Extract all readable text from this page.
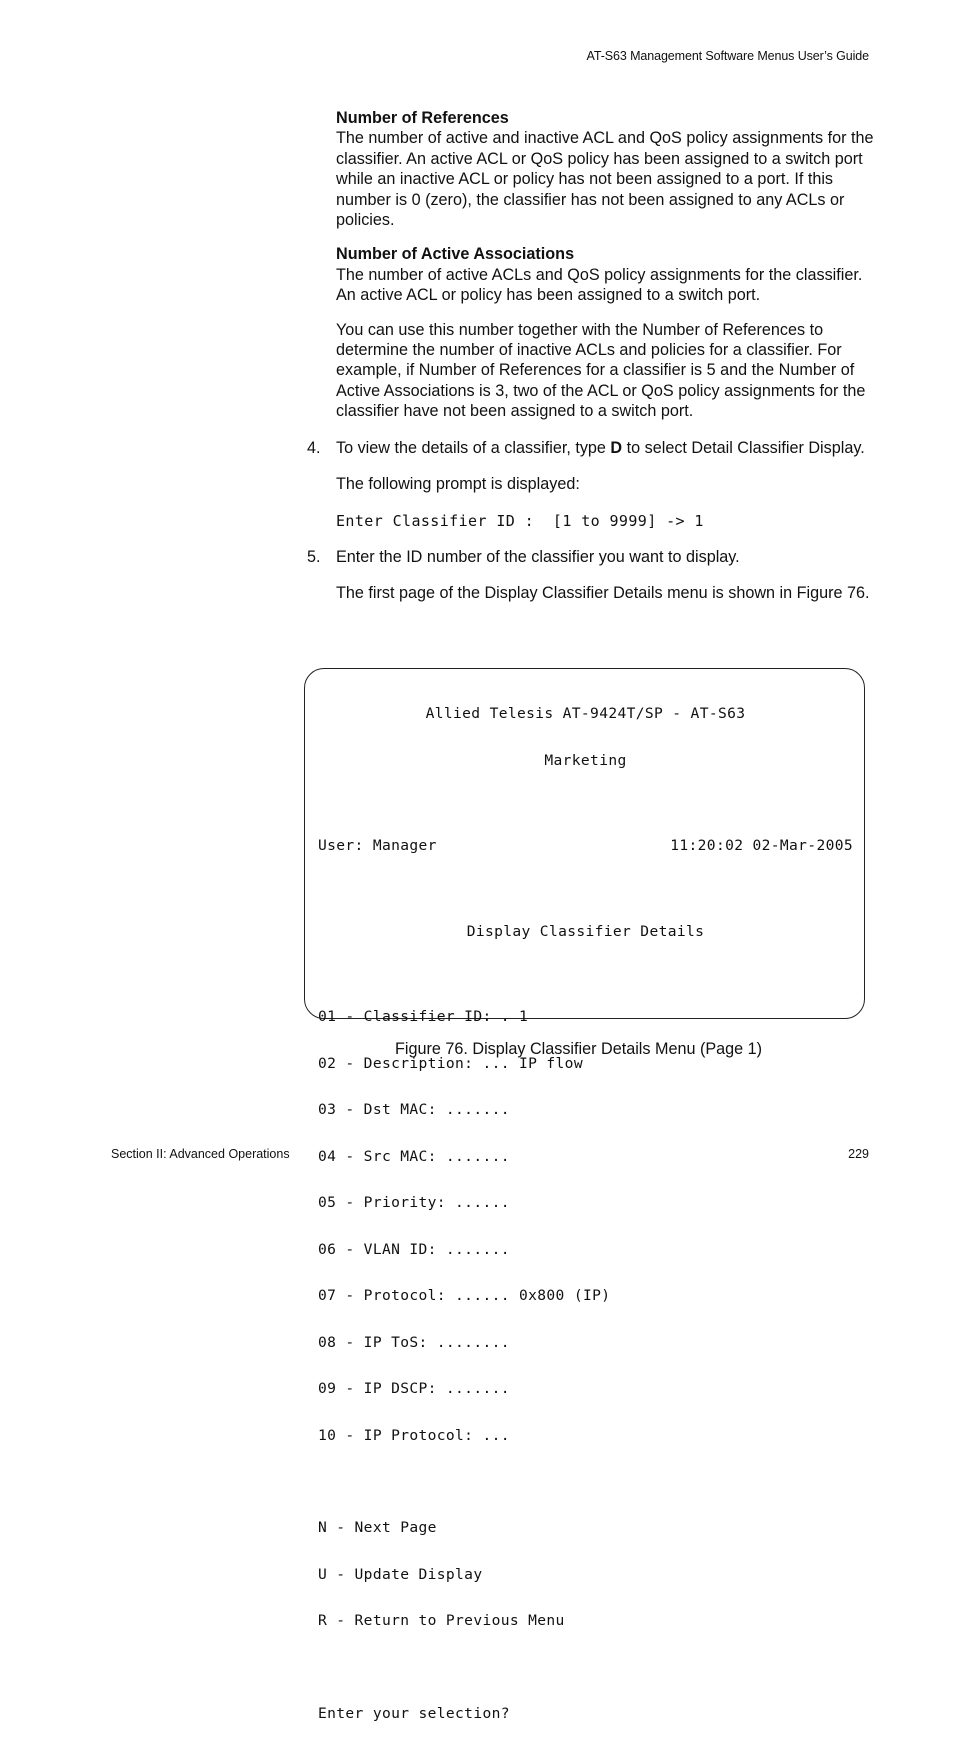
AT-S63 Management Software Menus User’s Guide

Number of References

The number of active and inactive ACL and QoS policy assignments for the classifier. An active ACL or QoS policy has been assigned to a switch port while an inactive ACL or policy has not been assigned to a port. If this number is 0 (zero), the classifier has not been assigned to any ACLs or policies.

Number of Active Associations

The number of active ACLs and QoS policy assignments for the classifier. An active ACL or policy has been assigned to a switch port.

You can use this number together with the Number of References to determine the number of inactive ACLs and policies for a classifier. For example, if Number of References for a classifier is 5 and the Number of Active Associations is 3, two of the ACL or QoS policy assignments for the classifier have not been assigned to a switch port.

4. To view the details of a classifier, type D to select Detail Classifier Display.

The following prompt is displayed:

Enter Classifier ID :  [1 to 9999] -> 1
5. Enter the ID number of the classifier you want to display.

The first page of the Display Classifier Details menu is shown in Figure 76.

Allied Telesis AT-9424T/SP - AT-S63

Marketing

User: Manager	11:20:02 02-Mar-2005

Display Classifier Details

01 - Classifier ID: . 1

02 - Description: ... IP flow

03 - Dst MAC: .......

04 - Src MAC: .......

05 - Priority: ......

06 - VLAN ID: .......

07 - Protocol: ...... 0x800 (IP)

08 - IP ToS: ........

09 - IP DSCP: .......

10 - IP Protocol: ...

N - Next Page

U - Update Display

R - Return to Previous Menu

Enter your selection?

Figure 76. Display Classifier Details Menu (Page 1)
Section II: Advanced Operations	229
